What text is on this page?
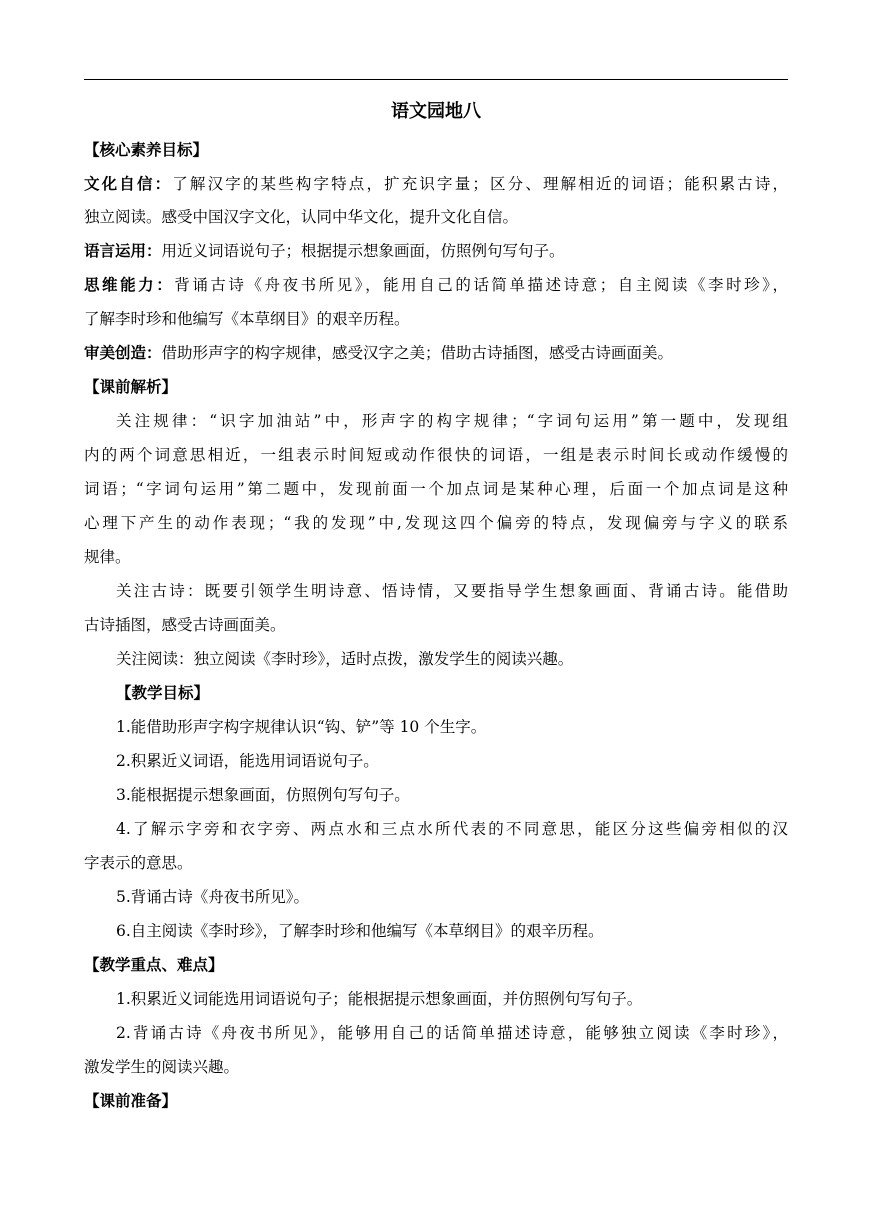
语文园地八
【核心素养目标】
文化自信：了解汉字的某些构字特点，扩充识字量；区分、理解相近的词语；能积累古诗，
独立阅读。感受中国汉字文化，认同中华文化，提升文化自信。
语言运用：用近义词语说句子；根据提示想象画面，仿照例句写句子。
思维能力：背诵古诗《舟夜书所见》，能用自己的话简单描述诗意；自主阅读《李时珍》，
了解李时珍和他编写《本草纲目》的艰辛历程。
审美创造：借助形声字的构字规律，感受汉字之美；借助古诗插图，感受古诗画面美。
【课前解析】
关注规律：“识字加油站”中，形声字的构字规律；“字词句运用”第一题中，发现组
内的两个词意思相近，一组表示时间短或动作很快的词语，一组是表示时间长或动作缓慢的
词语；“字词句运用”第二题中，发现前面一个加点词是某种心理，后面一个加点词是这种
心理下产生的动作表现；“我的发现”中,发现这四个偏旁的特点，发现偏旁与字义的联系
规律。
关注古诗：既要引领学生明诗意、悟诗情，又要指导学生想象画面、背诵古诗。能借助
古诗插图，感受古诗画面美。
关注阅读：独立阅读《李时珍》，适时点拨，激发学生的阅读兴趣。
【教学目标】
1.能借助形声字构字规律认识“钩、铲”等 10 个生字。
2.积累近义词语，能选用词语说句子。
3.能根据提示想象画面，仿照例句写句子。
4.了解示字旁和衣字旁、两点水和三点水所代表的不同意思，能区分这些偏旁相似的汉
字表示的意思。
5.背诵古诗《舟夜书所见》。
6.自主阅读《李时珍》，了解李时珍和他编写《本草纲目》的艰辛历程。
【教学重点、难点】
1.积累近义词能选用词语说句子；能根据提示想象画面，并仿照例句写句子。
2.背诵古诗《舟夜书所见》，能够用自己的话简单描述诗意，能够独立阅读《李时珍》，
激发学生的阅读兴趣。
【课前准备】
